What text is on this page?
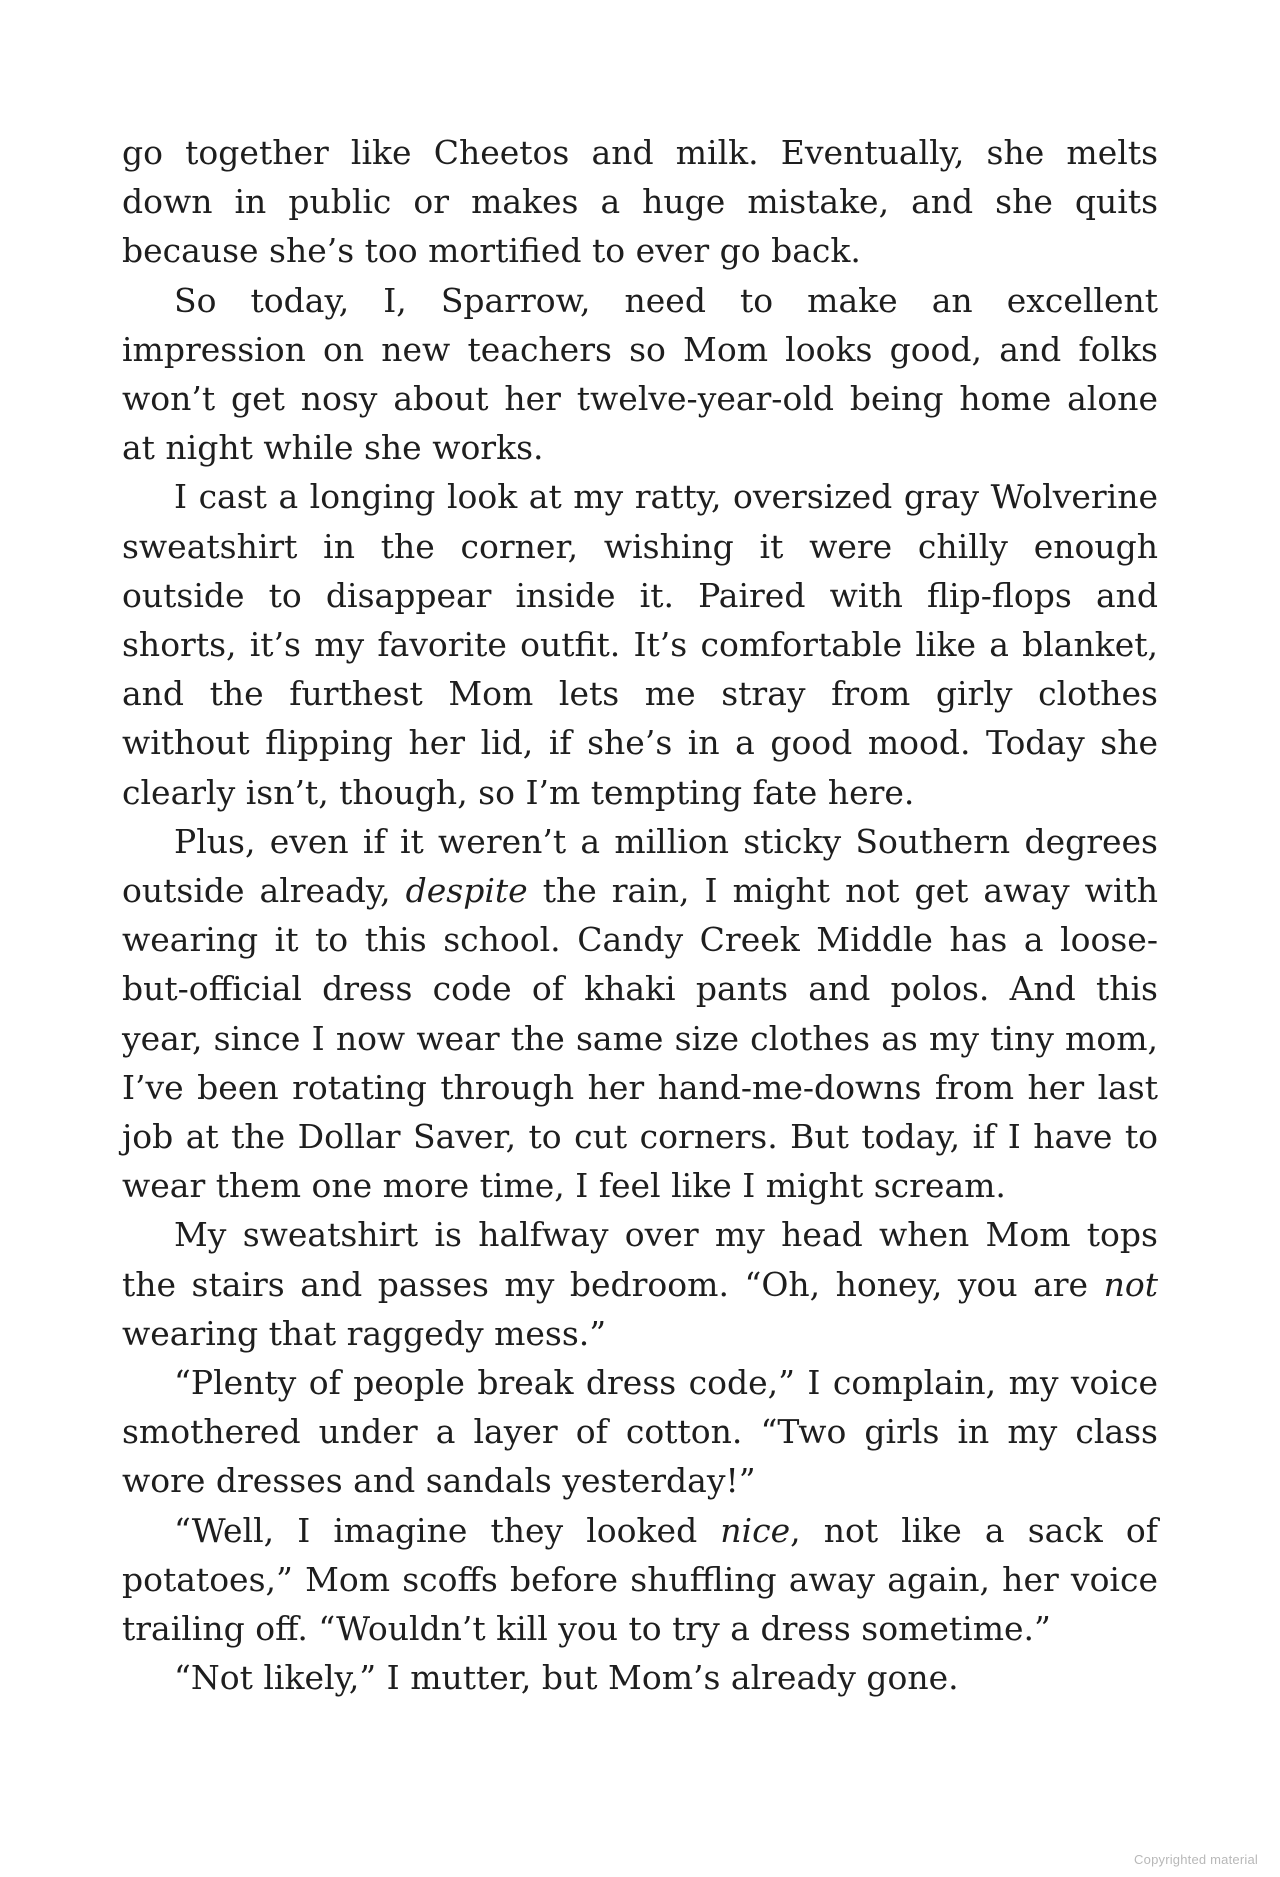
go together like Cheetos and milk. Eventually, she melts down in public or makes a huge mistake, and she quits because she’s too mortified to ever go back.

So today, I, Sparrow, need to make an excellent impression on new teachers so Mom looks good, and folks won’t get nosy about her twelve-year-old being home alone at night while she works.

I cast a longing look at my ratty, oversized gray Wolverine sweatshirt in the corner, wishing it were chilly enough outside to disappear inside it. Paired with flip-flops and shorts, it’s my favorite outfit. It’s comfortable like a blanket, and the furthest Mom lets me stray from girly clothes without flipping her lid, if she’s in a good mood. Today she clearly isn’t, though, so I’m tempting fate here.

Plus, even if it weren’t a million sticky Southern degrees outside already, despite the rain, I might not get away with wearing it to this school. Candy Creek Middle has a loose-but-official dress code of khaki pants and polos. And this year, since I now wear the same size clothes as my tiny mom, I’ve been rotating through her hand-me-downs from her last job at the Dollar Saver, to cut corners. But today, if I have to wear them one more time, I feel like I might scream.

My sweatshirt is halfway over my head when Mom tops the stairs and passes my bedroom. “Oh, honey, you are not wearing that raggedy mess.”

“Plenty of people break dress code,” I complain, my voice smothered under a layer of cotton. “Two girls in my class wore dresses and sandals yesterday!”

“Well, I imagine they looked nice, not like a sack of potatoes,” Mom scoffs before shuffling away again, her voice trailing off. “Wouldn’t kill you to try a dress sometime.”

“Not likely,” I mutter, but Mom’s already gone.

Copyrighted material
